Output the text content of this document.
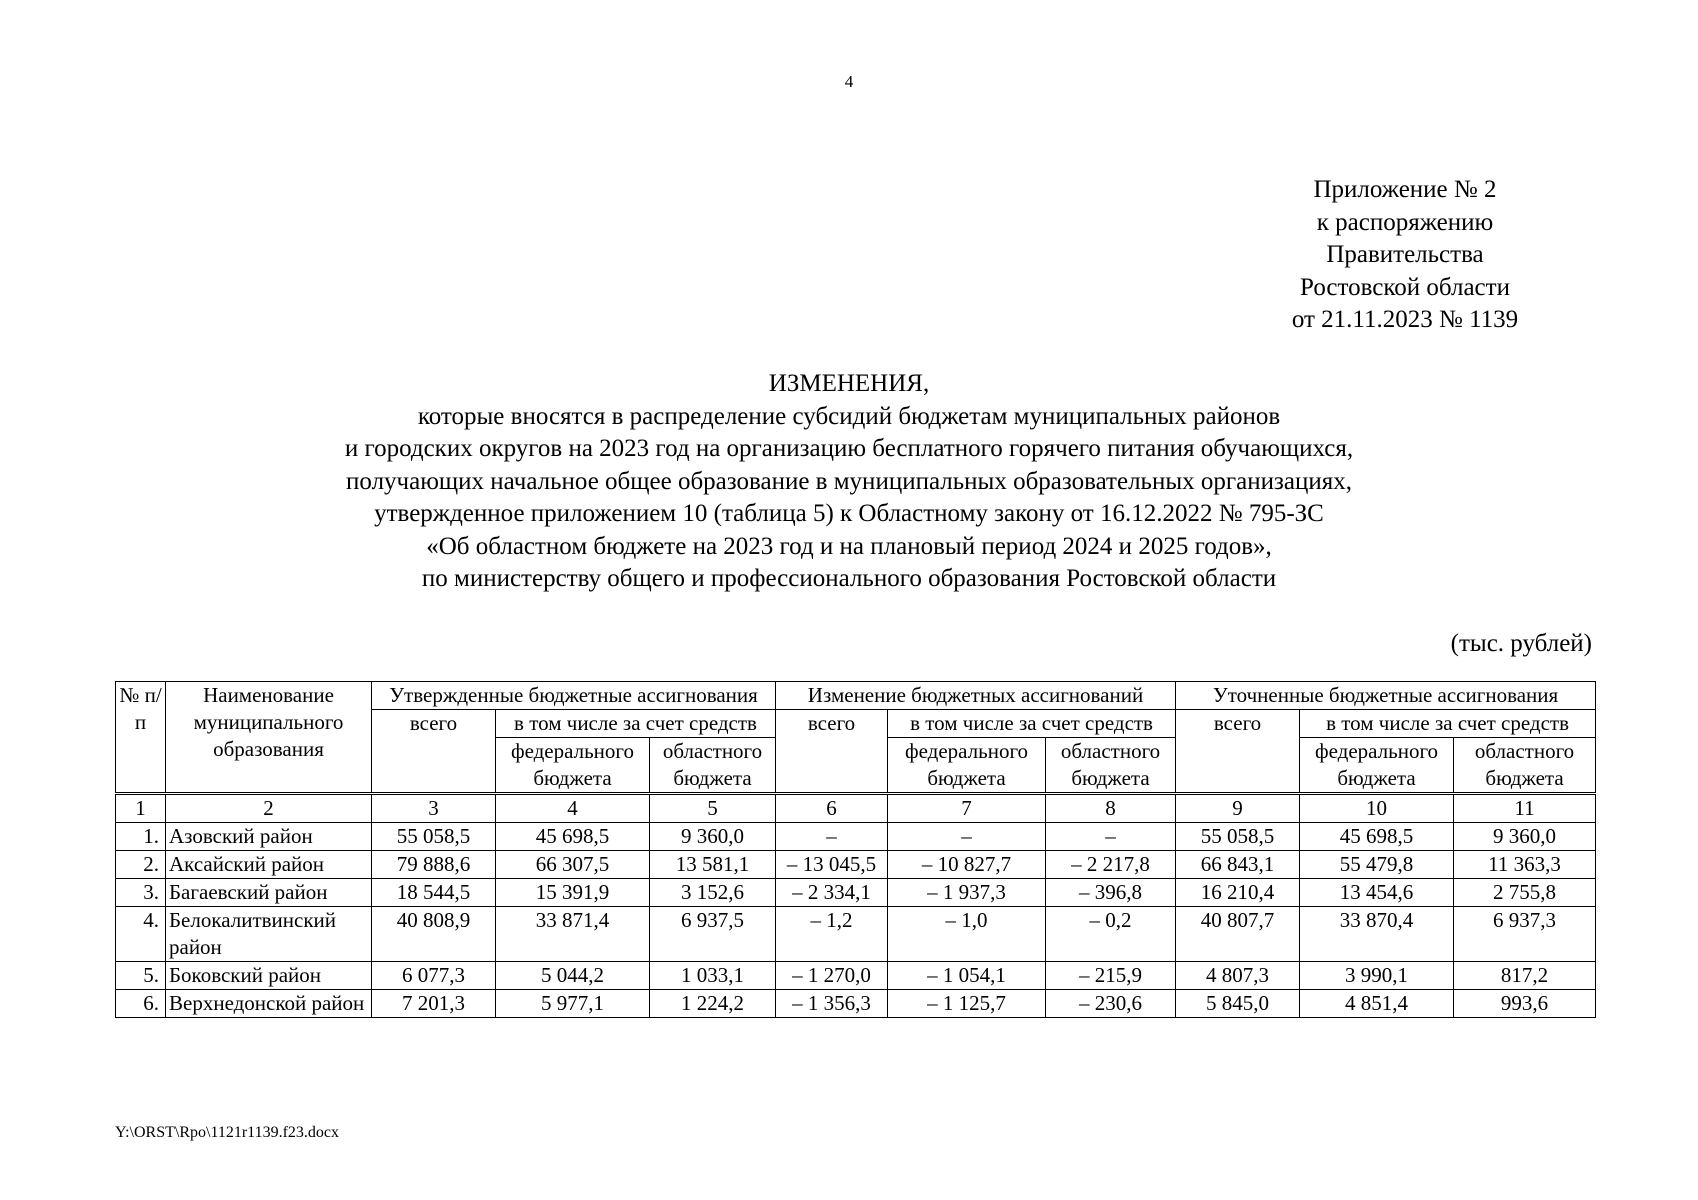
4
Приложение № 2
к распоряжению
Правительства
Ростовской области
от 21.11.2023 № 1139
ИЗМЕНЕНИЯ,
которые вносятся в распределение субсидий бюджетам муниципальных районов
и городских округов на 2023 год на организацию бесплатного горячего питания обучающихся,
получающих начальное общее образование в муниципальных образовательных организациях,
утвержденное приложением 10 (таблица 5) к Областному закону от 16.12.2022 № 795-ЗС
«Об областном бюджете на 2023 год и на плановый период 2024 и 2025 годов»,
по министерству общего и профессионального образования Ростовской области
(тыс. рублей)
№ п/п	Наименование муниципального образования	Утвержденные бюджетные ассигнования			Изменение бюджетных ассигнований			Уточненные бюджетные ассигнования		
		всего	в том числе за счет средств		всего	в том числе за счет средств		всего	в том числе за счет средств	
			федерального бюджета	областного бюджета		федерального бюджета	областного бюджета		федерального бюджета	областного бюджета
1	2	3	4	5	6	7	8	9	10	11
1.	Азовский район	55 058,5	45 698,5	9 360,0	–	–	–	55 058,5	45 698,5	9 360,0
2.	Аксайский район	79 888,6	66 307,5	13 581,1	– 13 045,5	– 10 827,7	– 2 217,8	66 843,1	55 479,8	11 363,3
3.	Багаевский район	18 544,5	15 391,9	3 152,6	– 2 334,1	– 1 937,3	– 396,8	16 210,4	13 454,6	2 755,8
4.	Белокалитвинский район	40 808,9	33 871,4	6 937,5	– 1,2	– 1,0	– 0,2	40 807,7	33 870,4	6 937,3
5.	Боковский район	6 077,3	5 044,2	1 033,1	– 1 270,0	– 1 054,1	– 215,9	4 807,3	3 990,1	817,2
6.	Верхнедонской район	7 201,3	5 977,1	1 224,2	– 1 356,3	– 1 125,7	– 230,6	5 845,0	4 851,4	993,6
Y:\ORST\Rpo\1121r1139.f23.docx
